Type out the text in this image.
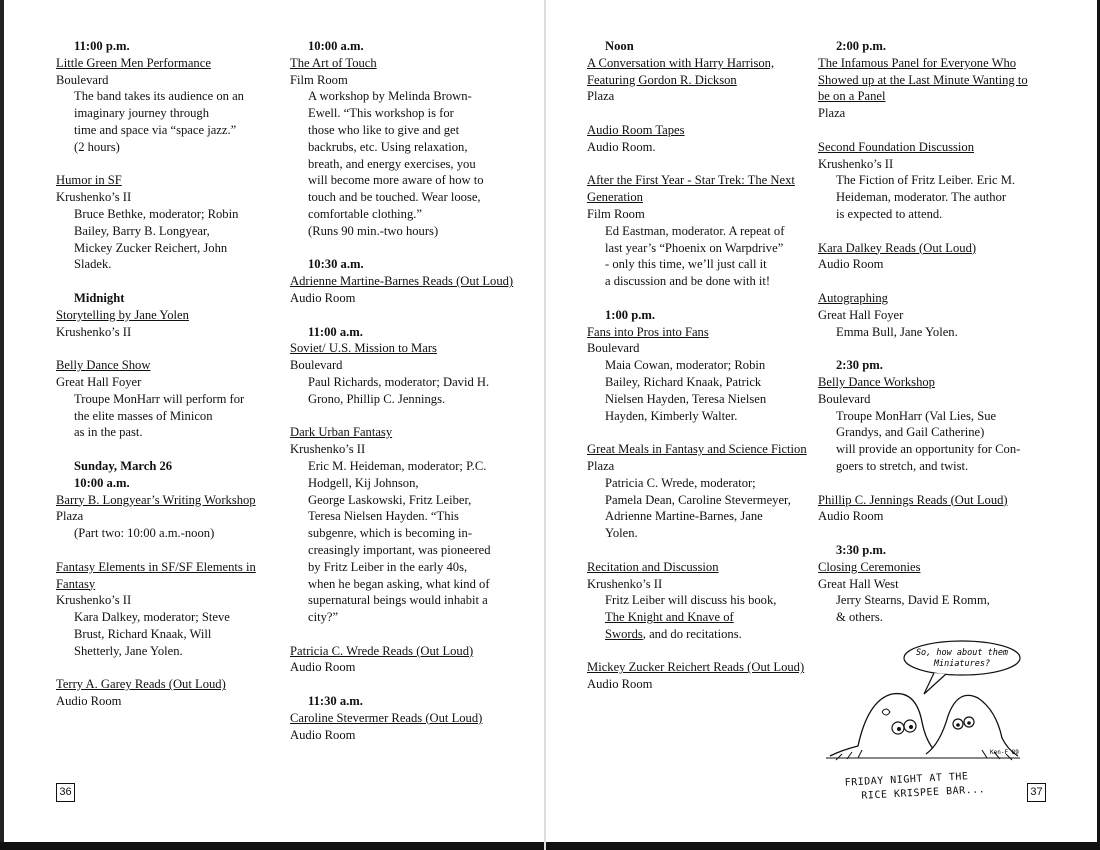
11:00 p.m.
Little Green Men Performance
Boulevard
The band takes its audience on an
imaginary journey through
time and space via “space jazz.”
(2 hours)
Humor in SF
Krushenko’s II
Bruce Bethke, moderator; Robin
Bailey, Barry B. Longyear,
Mickey Zucker Reichert, John
Sladek.
Midnight
Storytelling by Jane Yolen
Krushenko’s II
Belly Dance Show
Great Hall Foyer
Troupe MonHarr will perform for
the elite masses of Minicon
as in the past.
Sunday, March 26
10:00 a.m.
Barry B. Longyear’s Writing Workshop
Plaza
(Part two: 10:00 a.m.-noon)
Fantasy Elements in SF/SF Elements in Fantasy
Krushenko’s II
Kara Dalkey, moderator; Steve
Brust, Richard Knaak, Will
Shetterly, Jane Yolen.
Terry A. Garey Reads (Out Loud)
Audio Room
10:00 a.m.
The Art of Touch
Film Room
A workshop by Melinda Brown-
Ewell. “This workshop is for
those who like to give and get
backrubs, etc. Using relaxation,
breath, and energy exercises, you
will become more aware of how to
touch and be touched. Wear loose,
comfortable clothing.”
(Runs 90 min.-two hours)
10:30 a.m.
Adrienne Martine-Barnes Reads (Out Loud)
Audio Room
11:00 a.m.
Soviet/ U.S. Mission to Mars
Boulevard
Paul Richards, moderator; David H.
Grono, Phillip C. Jennings.
Dark Urban Fantasy
Krushenko’s II
Eric M. Heideman, moderator; P.C.
Hodgell, Kij Johnson,
George Laskowski, Fritz Leiber,
Teresa Nielsen Hayden. “This
subgenre, which is becoming in-
creasingly important, was pioneered
by Fritz Leiber in the early 40s,
when he began asking, what kind of
supernatural beings would inhabit a
city?”
Patricia C. Wrede Reads (Out Loud)
Audio Room
11:30 a.m.
Caroline Stevermer Reads (Out Loud)
Audio Room
Noon
A Conversation with Harry Harrison, Featuring Gordon R. Dickson
Plaza
Audio Room Tapes
Audio Room.
After the First Year - Star Trek: The Next Generation
Film Room
Ed Eastman, moderator. A repeat of
last year’s “Phoenix on Warpdrive”
- only this time, we’ll just call it
a discussion and be done with it!
1:00 p.m.
Fans into Pros into Fans
Boulevard
Maia Cowan, moderator; Robin
Bailey, Richard Knaak, Patrick
Nielsen Hayden, Teresa Nielsen
Hayden, Kimberly Walter.
Great Meals in Fantasy and Science Fiction
Plaza
Patricia C. Wrede, moderator;
Pamela Dean, Caroline Stevermeyer,
Adrienne Martine-Barnes, Jane
Yolen.
Recitation and Discussion
Krushenko’s II
Fritz Leiber will discuss his book,
The Knight and Knave of
Swords, and do recitations.
Mickey Zucker Reichert Reads (Out Loud)
Audio Room
2:00 p.m.
The Infamous Panel for Everyone Who Showed up at the Last Minute Wanting to be on a Panel
Plaza
Second Foundation Discussion
Krushenko’s II
The Fiction of Fritz Leiber. Eric M.
Heideman, moderator. The author
is expected to attend.
Kara Dalkey Reads (Out Loud)
Audio Room
Autographing
Great Hall Foyer
Emma Bull, Jane Yolen.
2:30 pm.
Belly Dance Workshop
Boulevard
Troupe MonHarr (Val Lies, Sue
Grandys, and Gail Catherine)
will provide an opportunity for Con-
goers to stretch, and twist.
Phillip C. Jennings Reads (Out Loud)
Audio Room
3:30 p.m.
Closing Ceremonies
Great Hall West
Jerry Stearns, David E Romm,
& others.
36	37
So, how about them
Miniatures?
Ken-F 89
FRIDAY NIGHT AT THE
RICE KRISPEE BAR...
